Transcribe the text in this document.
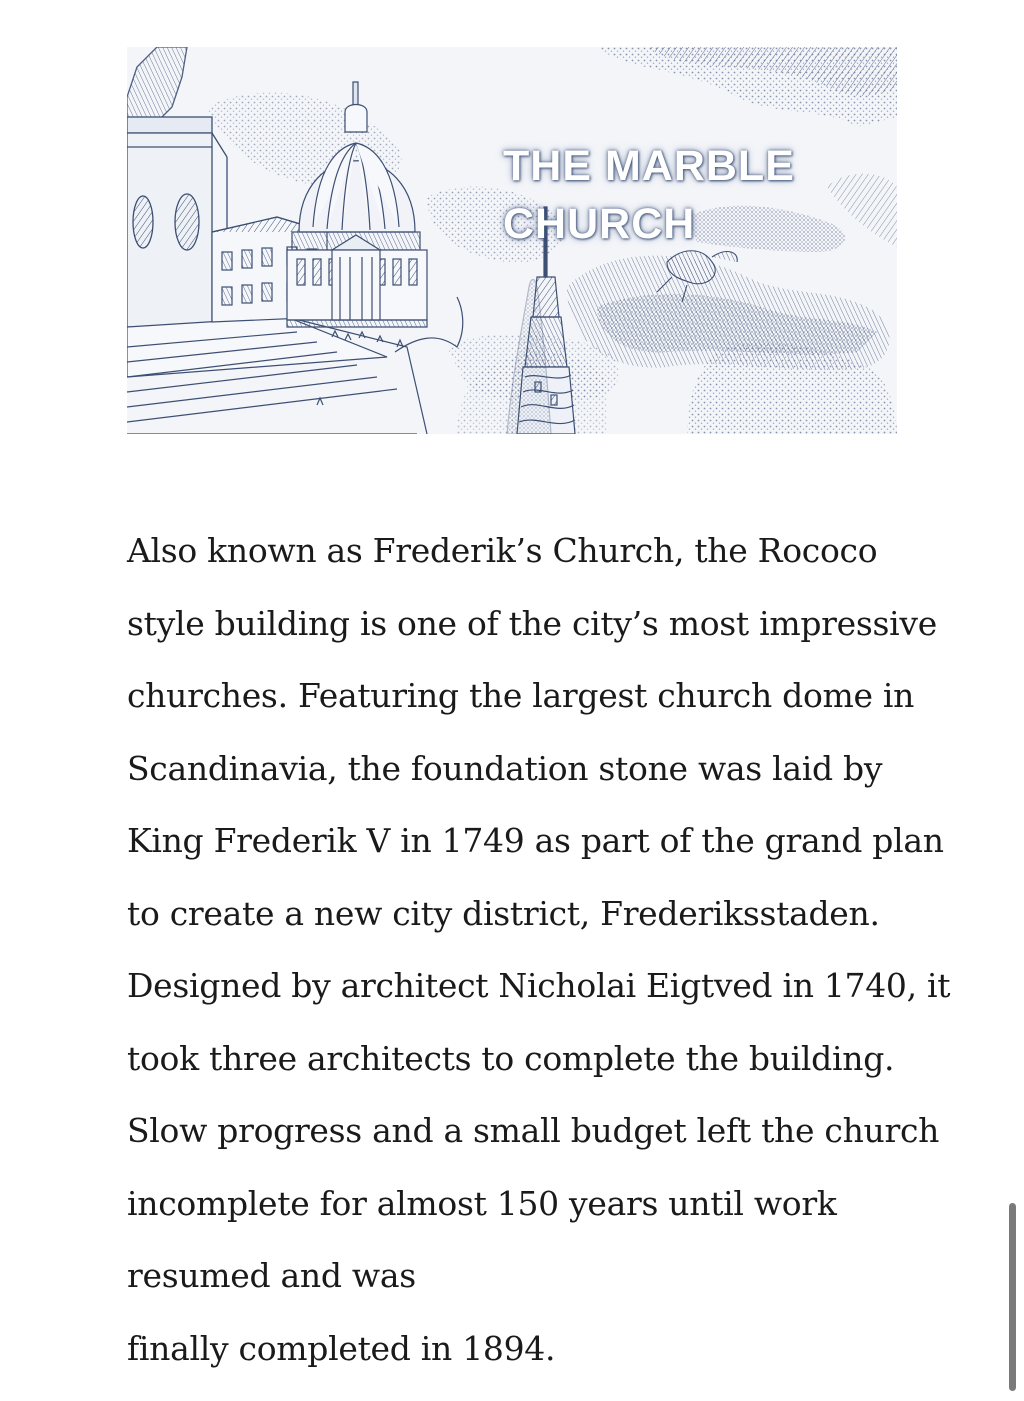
THE MARBLE
CHURCH

Also known as Frederik’s Church, the Rococo
style building is one of the city’s most impressive
churches. Featuring the largest church dome in
Scandinavia, the foundation stone was laid by
King Frederik V in 1749 as part of the grand plan
to create a new city district, Frederiksstaden.
Designed by architect Nicholai Eigtved in 1740, it
took three architects to complete the building.
Slow progress and a small budget left the church
incomplete for almost 150 years until work
resumed and was
finally completed in 1894.
